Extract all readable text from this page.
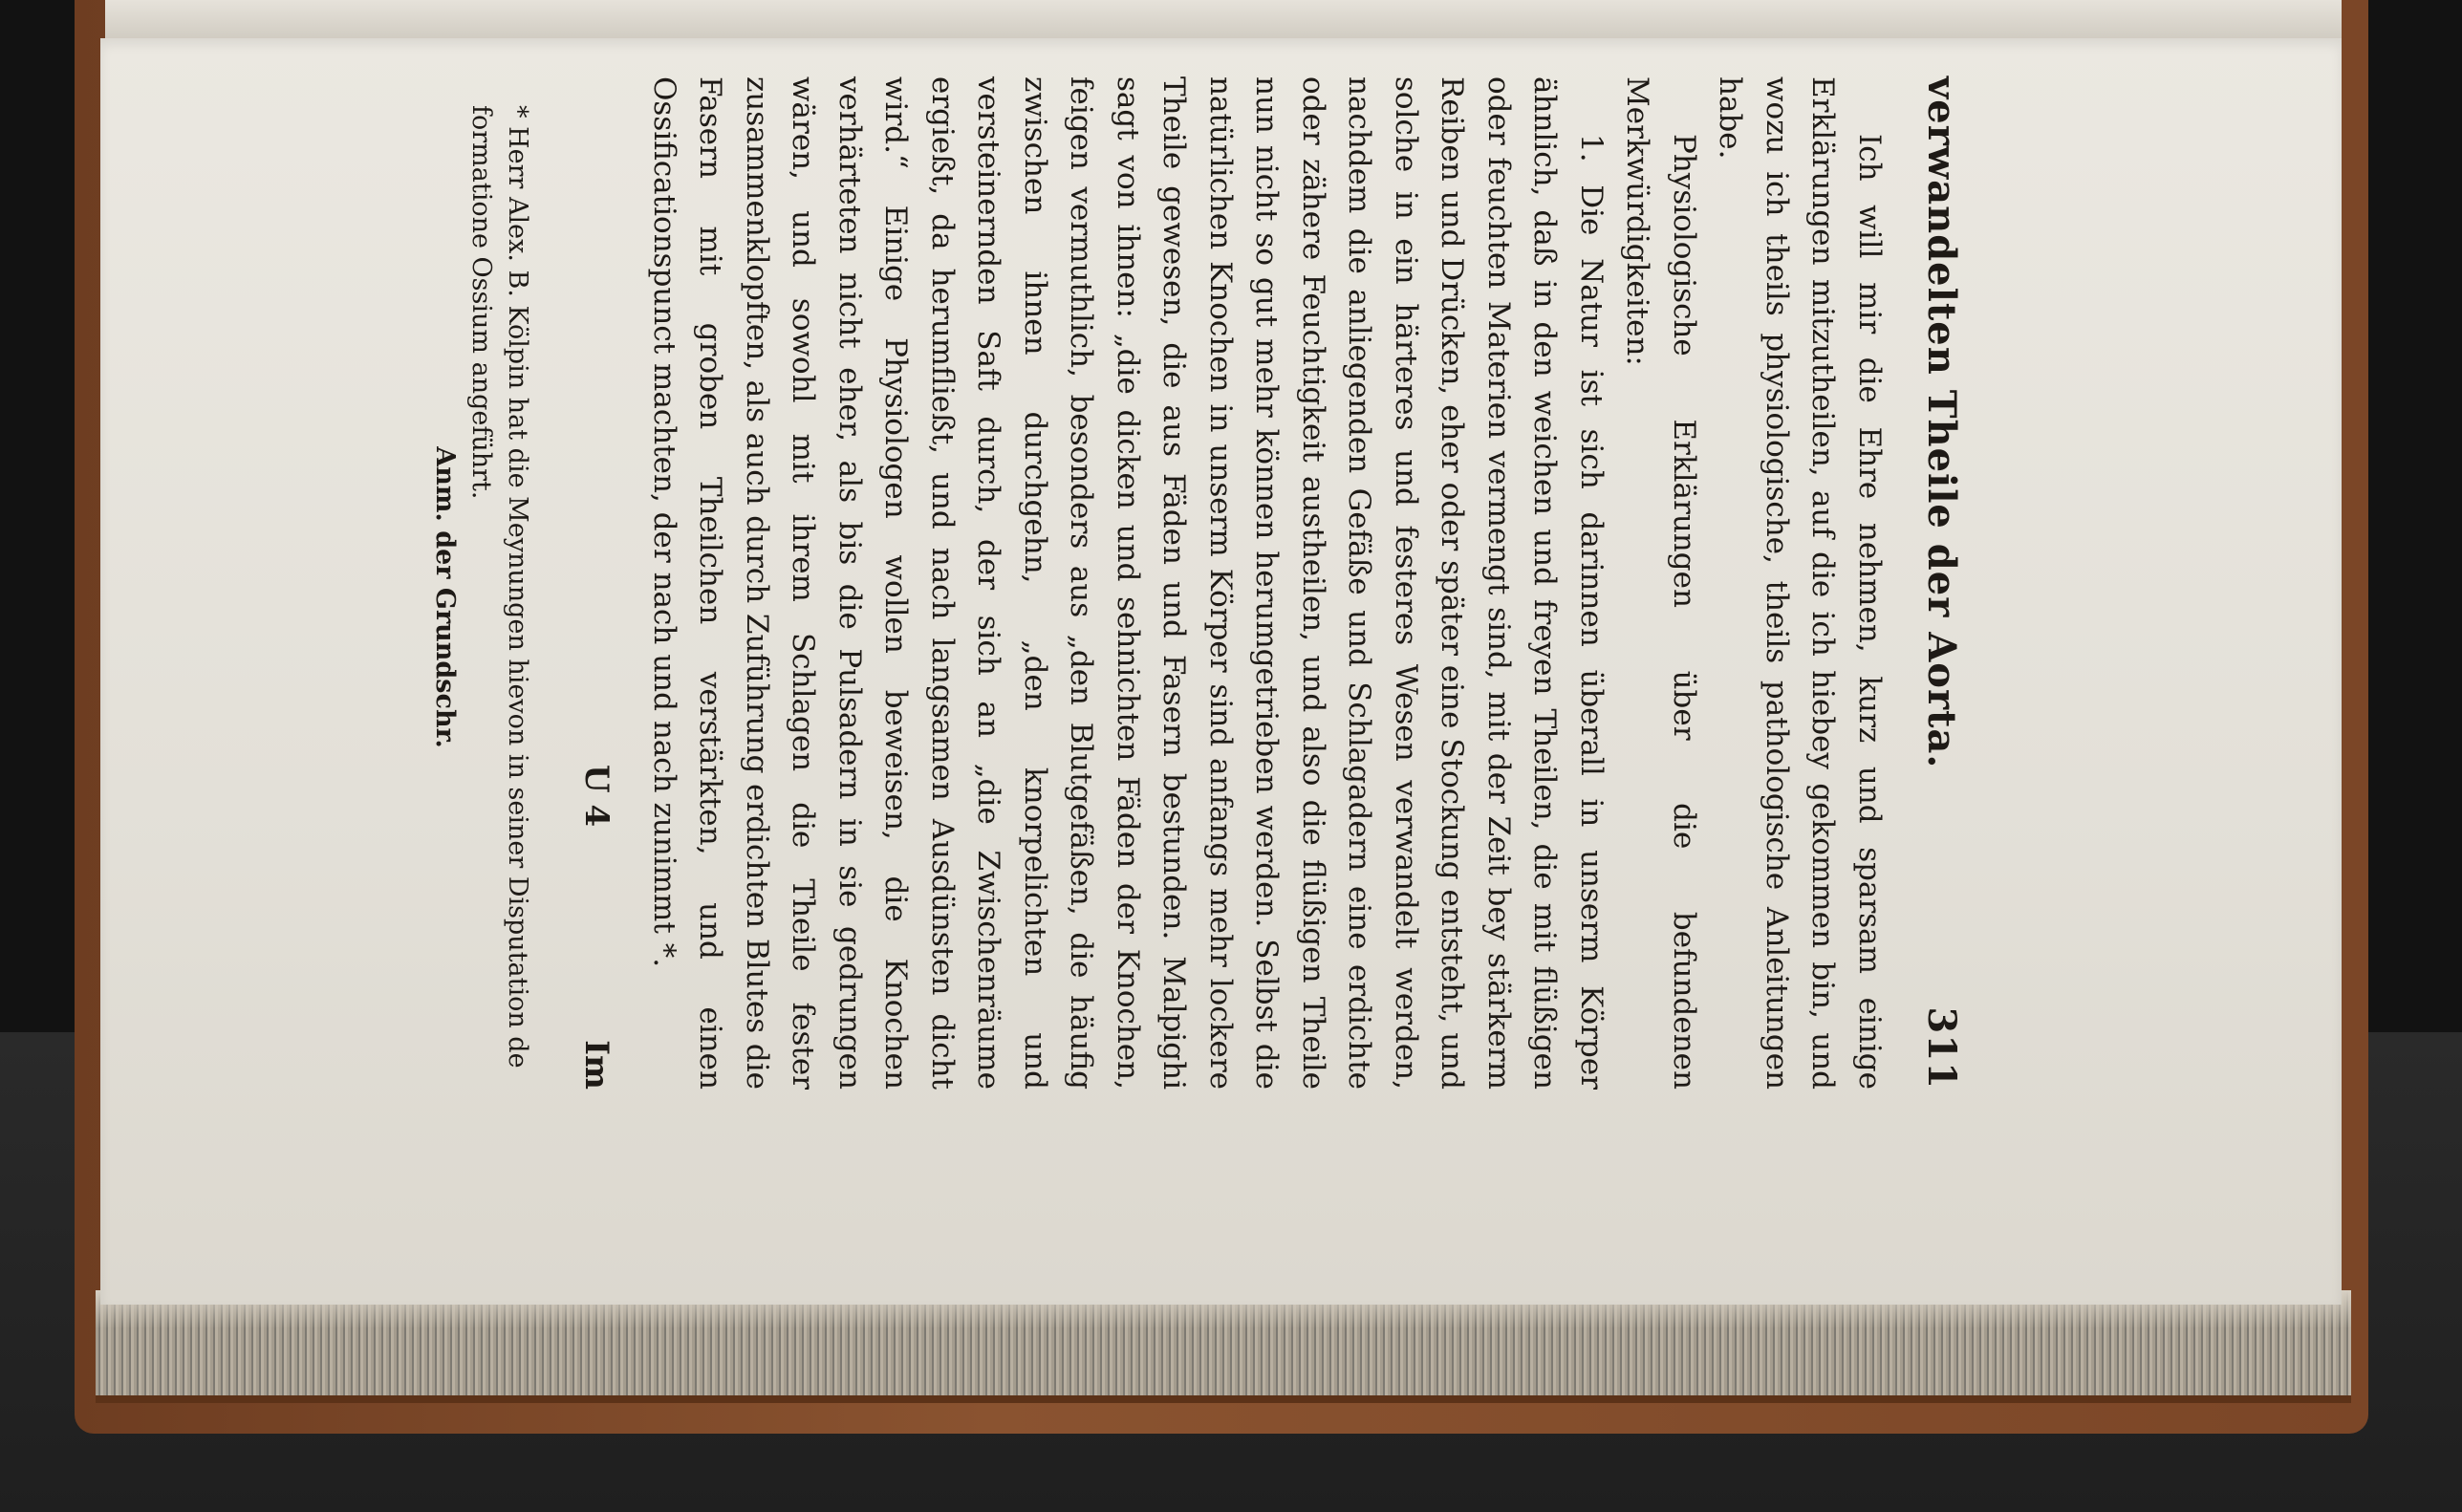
verwandelten Theile der Aorta.
311

Ich will mir die Ehre nehmen, kurz und sparsam einige Erklärungen mitzutheilen, auf die ich hiebey gekommen bin, und wozu ich theils physiologische, theils pathologische Anleitungen habe.

Physiologische Erklärungen über die befundenen Merkwürdigkeiten:

1. Die Natur ist sich darinnen überall in unserm Körper ähnlich, daß in den weichen und freyen Theilen, die mit flüßigen oder feuchten Materien vermengt sind, mit der Zeit bey stärkerm Reiben und Drücken, eher oder später eine Stockung entsteht, und solche in ein härteres und festeres Wesen verwandelt werden, nachdem die anliegenden Gefäße und Schlagadern eine erdichte oder zähere Feuchtigkeit austheilen, und also die flüßigen Theile nun nicht so gut mehr können herumgetrieben werden. Selbst die natürlichen Knochen in unserm Körper sind anfangs mehr lockere Theile gewesen, die aus Fäden und Fasern bestunden. Malpighi sagt von ihnen: „die dicken und sehnichten Fäden der Knochen, feigen vermuthlich, besonders aus „den Blutgefäßen, die häufig zwischen ihnen durchgehn, „den knorpelichten und versteinernden Saft durch, der sich an „die Zwischenräume ergießt, da herumfließt, und nach langsamen Ausdünsten dicht wird.“ Einige Physiologen wollen beweisen, die Knochen verhärteten nicht eher, als bis die Pulsadern in sie gedrungen wären, und sowohl mit ihrem Schlagen die Theile fester zusammenklopften, als auch durch Zuführung erdichten Blutes die Fasern mit groben Theilchen verstärkten, und einen Ossificationspunct machten, der nach und nach zunimmt *.

U 4
Im
* Herr Alex. B. Kölpin hat die Meynungen hievon in seiner Disputation de formatione Ossium angeführt.
Anm. der Grundschr.
